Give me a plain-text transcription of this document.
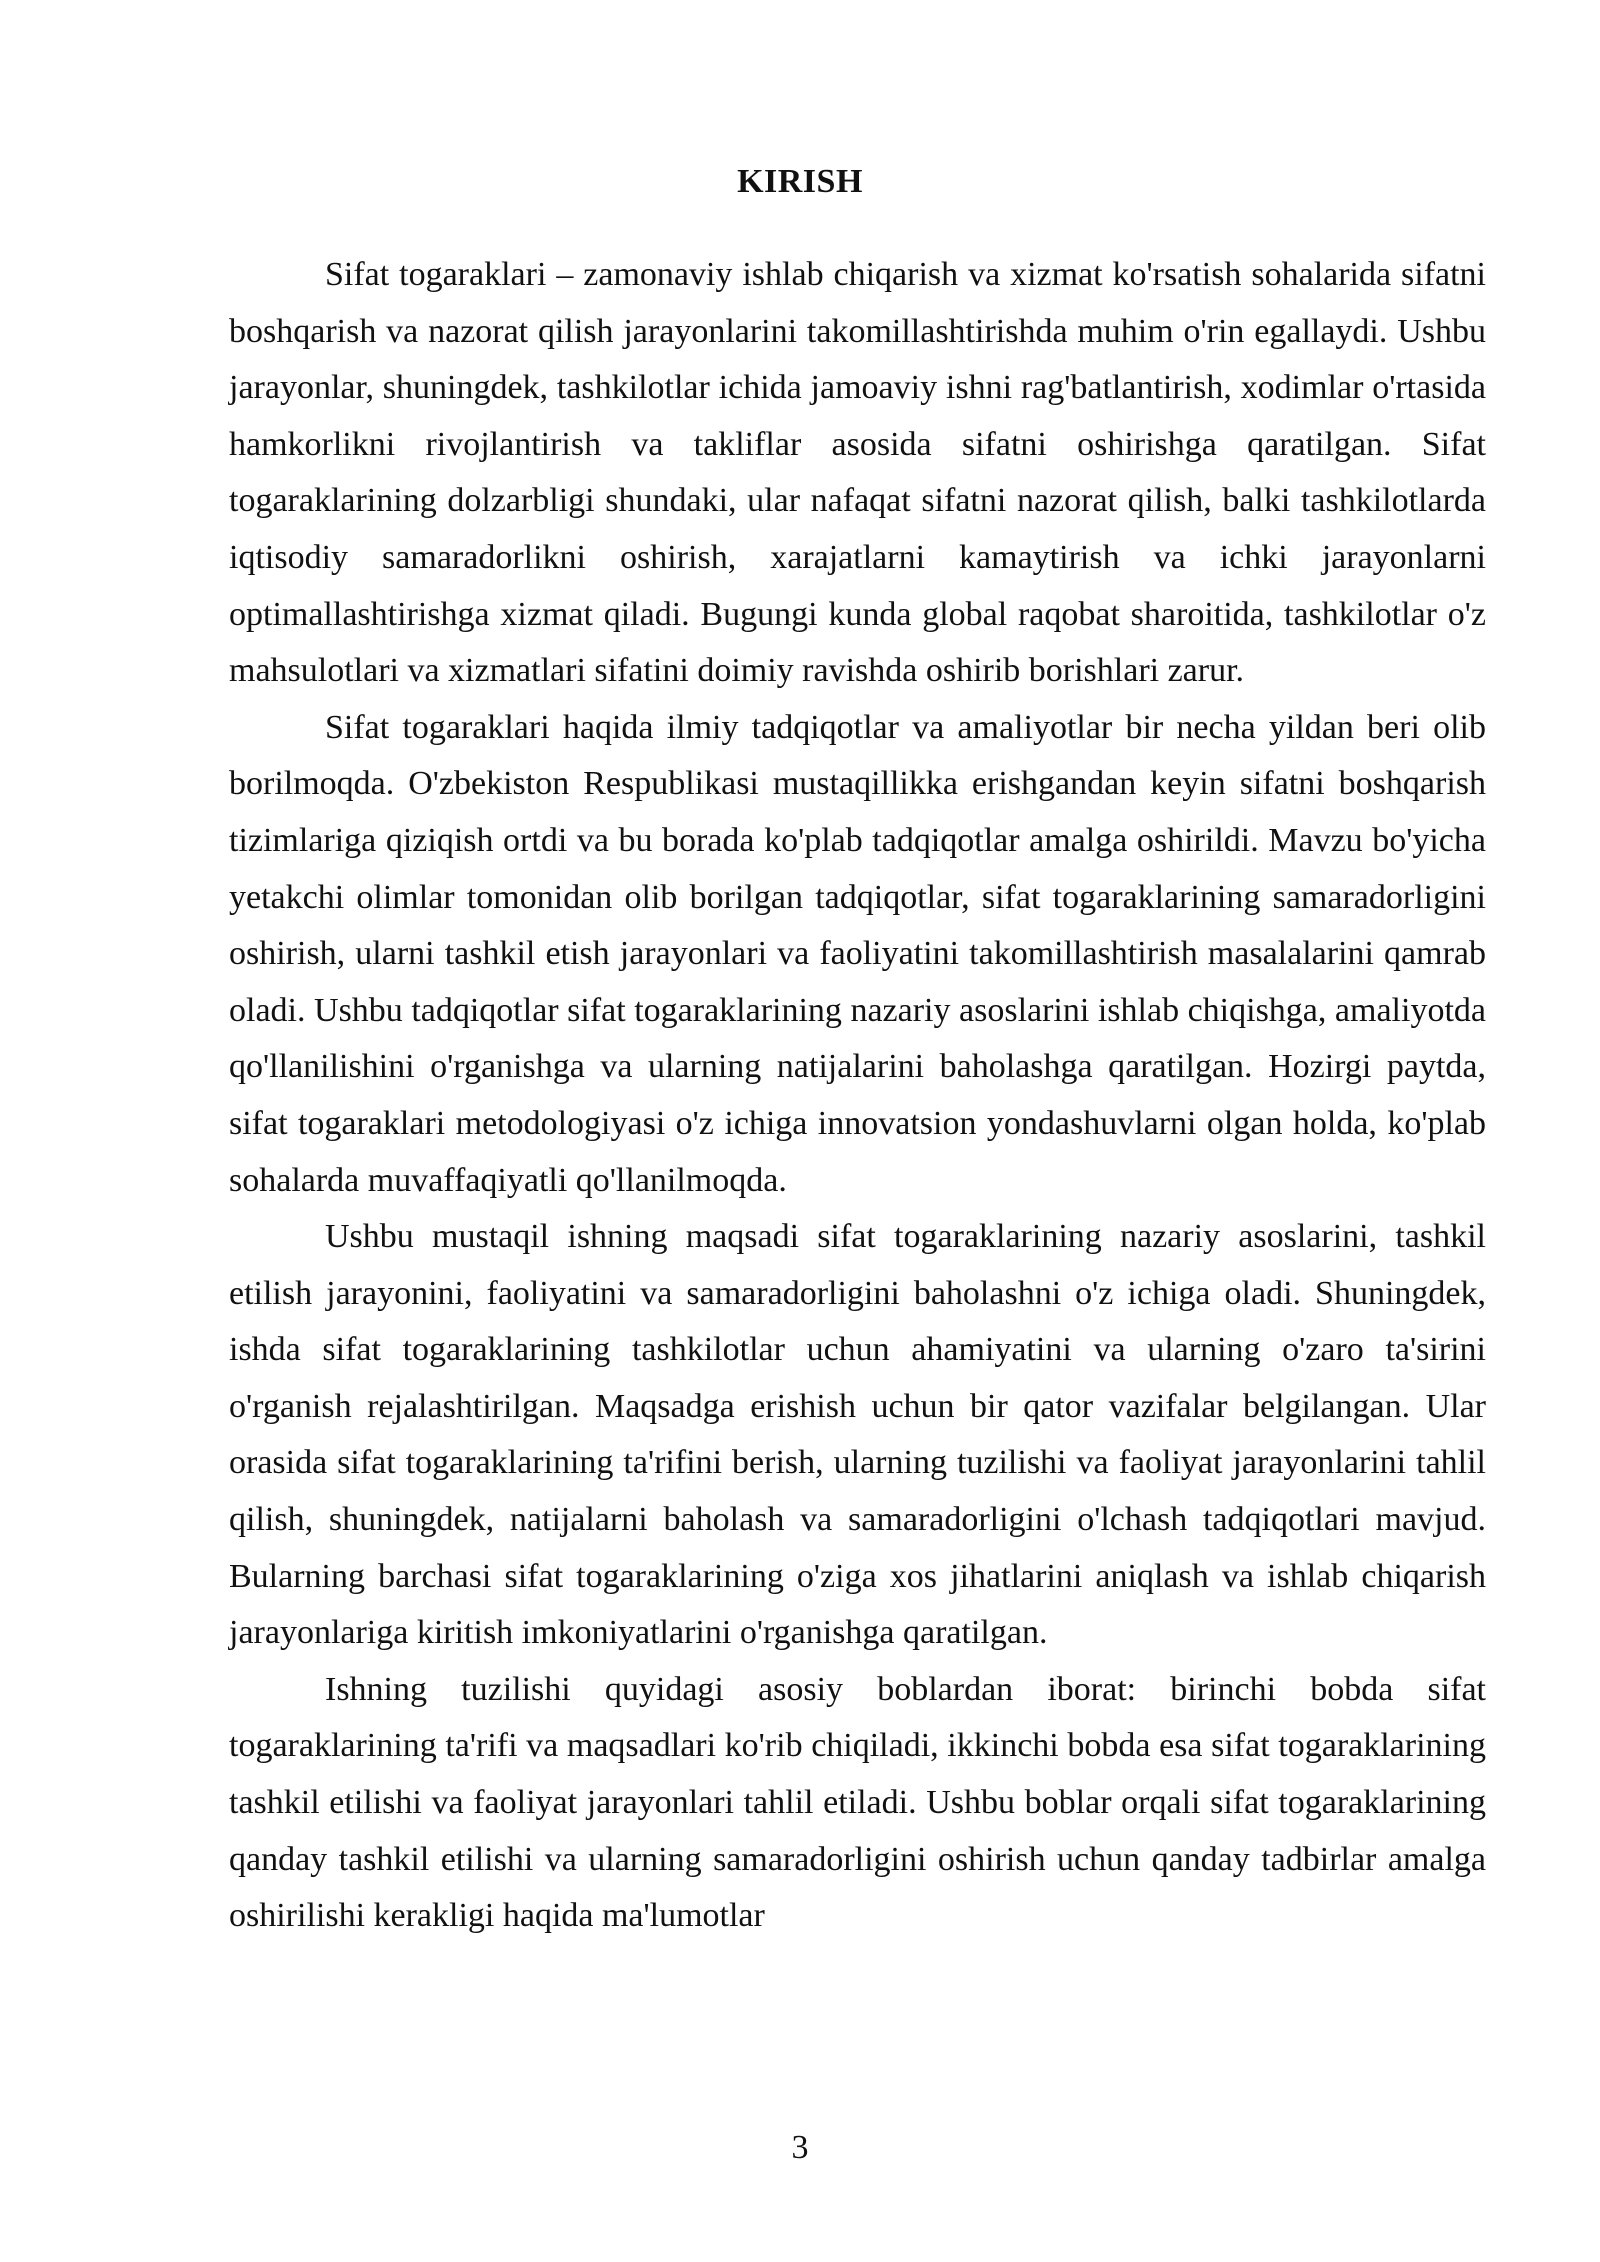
KIRISH

Sifat togaraklari – zamonaviy ishlab chiqarish va xizmat ko'rsatish sohalarida sifatni boshqarish va nazorat qilish jarayonlarini takomillashtirishda muhim o'rin egallaydi. Ushbu jarayonlar, shuningdek, tashkilotlar ichida jamoaviy ishni rag'batlantirish, xodimlar o'rtasida hamkorlikni rivojlantirish va takliflar asosida sifatni oshirishga qaratilgan. Sifat togaraklarining dolzarbligi shundaki, ular nafaqat sifatni nazorat qilish, balki tashkilotlarda iqtisodiy samaradorlikni oshirish, xarajatlarni kamaytirish va ichki jarayonlarni optimallashtirishga xizmat qiladi. Bugungi kunda global raqobat sharoitida, tashkilotlar o'z mahsulotlari va xizmatlari sifatini doimiy ravishda oshirib borishlari zarur.

Sifat togaraklari haqida ilmiy tadqiqotlar va amaliyotlar bir necha yildan beri olib borilmoqda. O'zbekiston Respublikasi mustaqillikka erishgandan keyin sifatni boshqarish tizimlariga qiziqish ortdi va bu borada ko'plab tadqiqotlar amalga oshirildi. Mavzu bo'yicha yetakchi olimlar tomonidan olib borilgan tadqiqotlar, sifat togaraklarining samaradorligini oshirish, ularni tashkil etish jarayonlari va faoliyatini takomillashtirish masalalarini qamrab oladi. Ushbu tadqiqotlar sifat togaraklarining nazariy asoslarini ishlab chiqishga, amaliyotda qo'llanilishini o'rganishga va ularning natijalarini baholashga qaratilgan. Hozirgi paytda, sifat togaraklari metodologiyasi o'z ichiga innovatsion yondashuvlarni olgan holda, ko'plab sohalarda muvaffaqiyatli qo'llanilmoqda.

Ushbu mustaqil ishning maqsadi sifat togaraklarining nazariy asoslarini, tashkil etilish jarayonini, faoliyatini va samaradorligini baholashni o'z ichiga oladi. Shuningdek, ishda sifat togaraklarining tashkilotlar uchun ahamiyatini va ularning o'zaro ta'sirini o'rganish rejalashtirilgan. Maqsadga erishish uchun bir qator vazifalar belgilangan. Ular orasida sifat togaraklarining ta'rifini berish, ularning tuzilishi va faoliyat jarayonlarini tahlil qilish, shuningdek, natijalarni baholash va samaradorligini o'lchash tadqiqotlari mavjud. Bularning barchasi sifat togaraklarining o'ziga xos jihatlarini aniqlash va ishlab chiqarish jarayonlariga kiritish imkoniyatlarini o'rganishga qaratilgan.

Ishning tuzilishi quyidagi asosiy boblardan iborat: birinchi bobda sifat togaraklarining ta'rifi va maqsadlari ko'rib chiqiladi, ikkinchi bobda esa sifat togaraklarining tashkil etilishi va faoliyat jarayonlari tahlil etiladi. Ushbu boblar orqali sifat togaraklarining qanday tashkil etilishi va ularning samaradorligini oshirish uchun qanday tadbirlar amalga oshirilishi kerakligi haqida ma'lumotlar

3
